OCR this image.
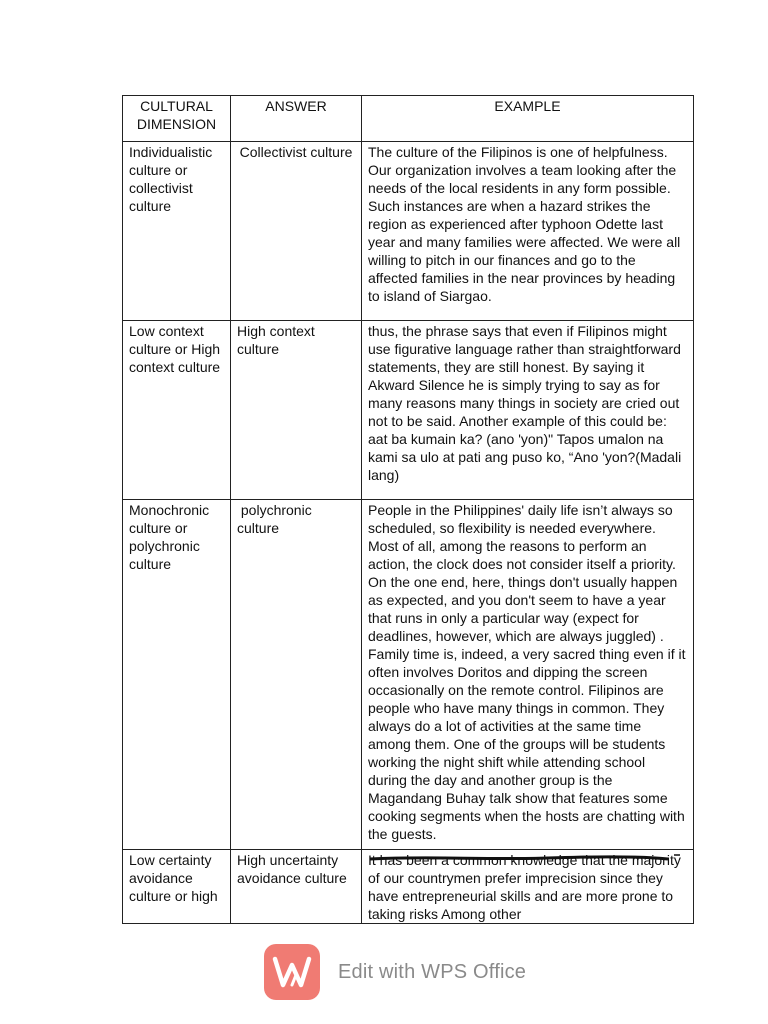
CULTURAL
DIMENSION	ANSWER	EXAMPLE
Individualistic culture or collectivist culture	Collectivist culture	The culture of the Filipinos is one of helpfulness. Our organization involves a team looking after the needs of the local residents in any form possible. Such instances are when a hazard strikes the region as experienced after typhoon Odette last year and many families were affected. We were all willing to pitch in our finances and go to the affected families in the near provinces by heading to island of Siargao.
Low context culture or High context culture	High context culture	thus, the phrase says that even if Filipinos might use figurative language rather than straightforward statements, they are still honest. By saying it Akward Silence he is simply trying to say as for many reasons many things in society are cried out not to be said. Another example of this could be: aat ba kumain ka? (ano 'yon)" Tapos umalon na kami sa ulo at pati ang puso ko, “Ano 'yon?(Madali lang)
Monochronic culture or polychronic culture	polychronic culture	People in the Philippines' daily life isn’t always so scheduled, so flexibility is needed everywhere. Most of all, among the reasons to perform an action, the clock does not consider itself a priority. On the one end, here, things don't usually happen as expected, and you don't seem to have a year that runs in only a particular way (expect for deadlines, however, which are always juggled) . Family time is, indeed, a very sacred thing even if it often involves Doritos and dipping the screen occasionally on the remote control. Filipinos are people who have many things in common. They always do a lot of activities at the same time among them. One of the groups will be students working the night shift while attending school during the day and another group is the Magandang Buhay talk show that features some cooking segments when the hosts are chatting with the guests.
Low certainty avoidance culture or high	High uncertainty avoidance culture	It has been a common knowledge that the majority of our countrymen prefer imprecision since they have entrepreneurial skills and are more prone to taking risks Among other
Edit with WPS Office
